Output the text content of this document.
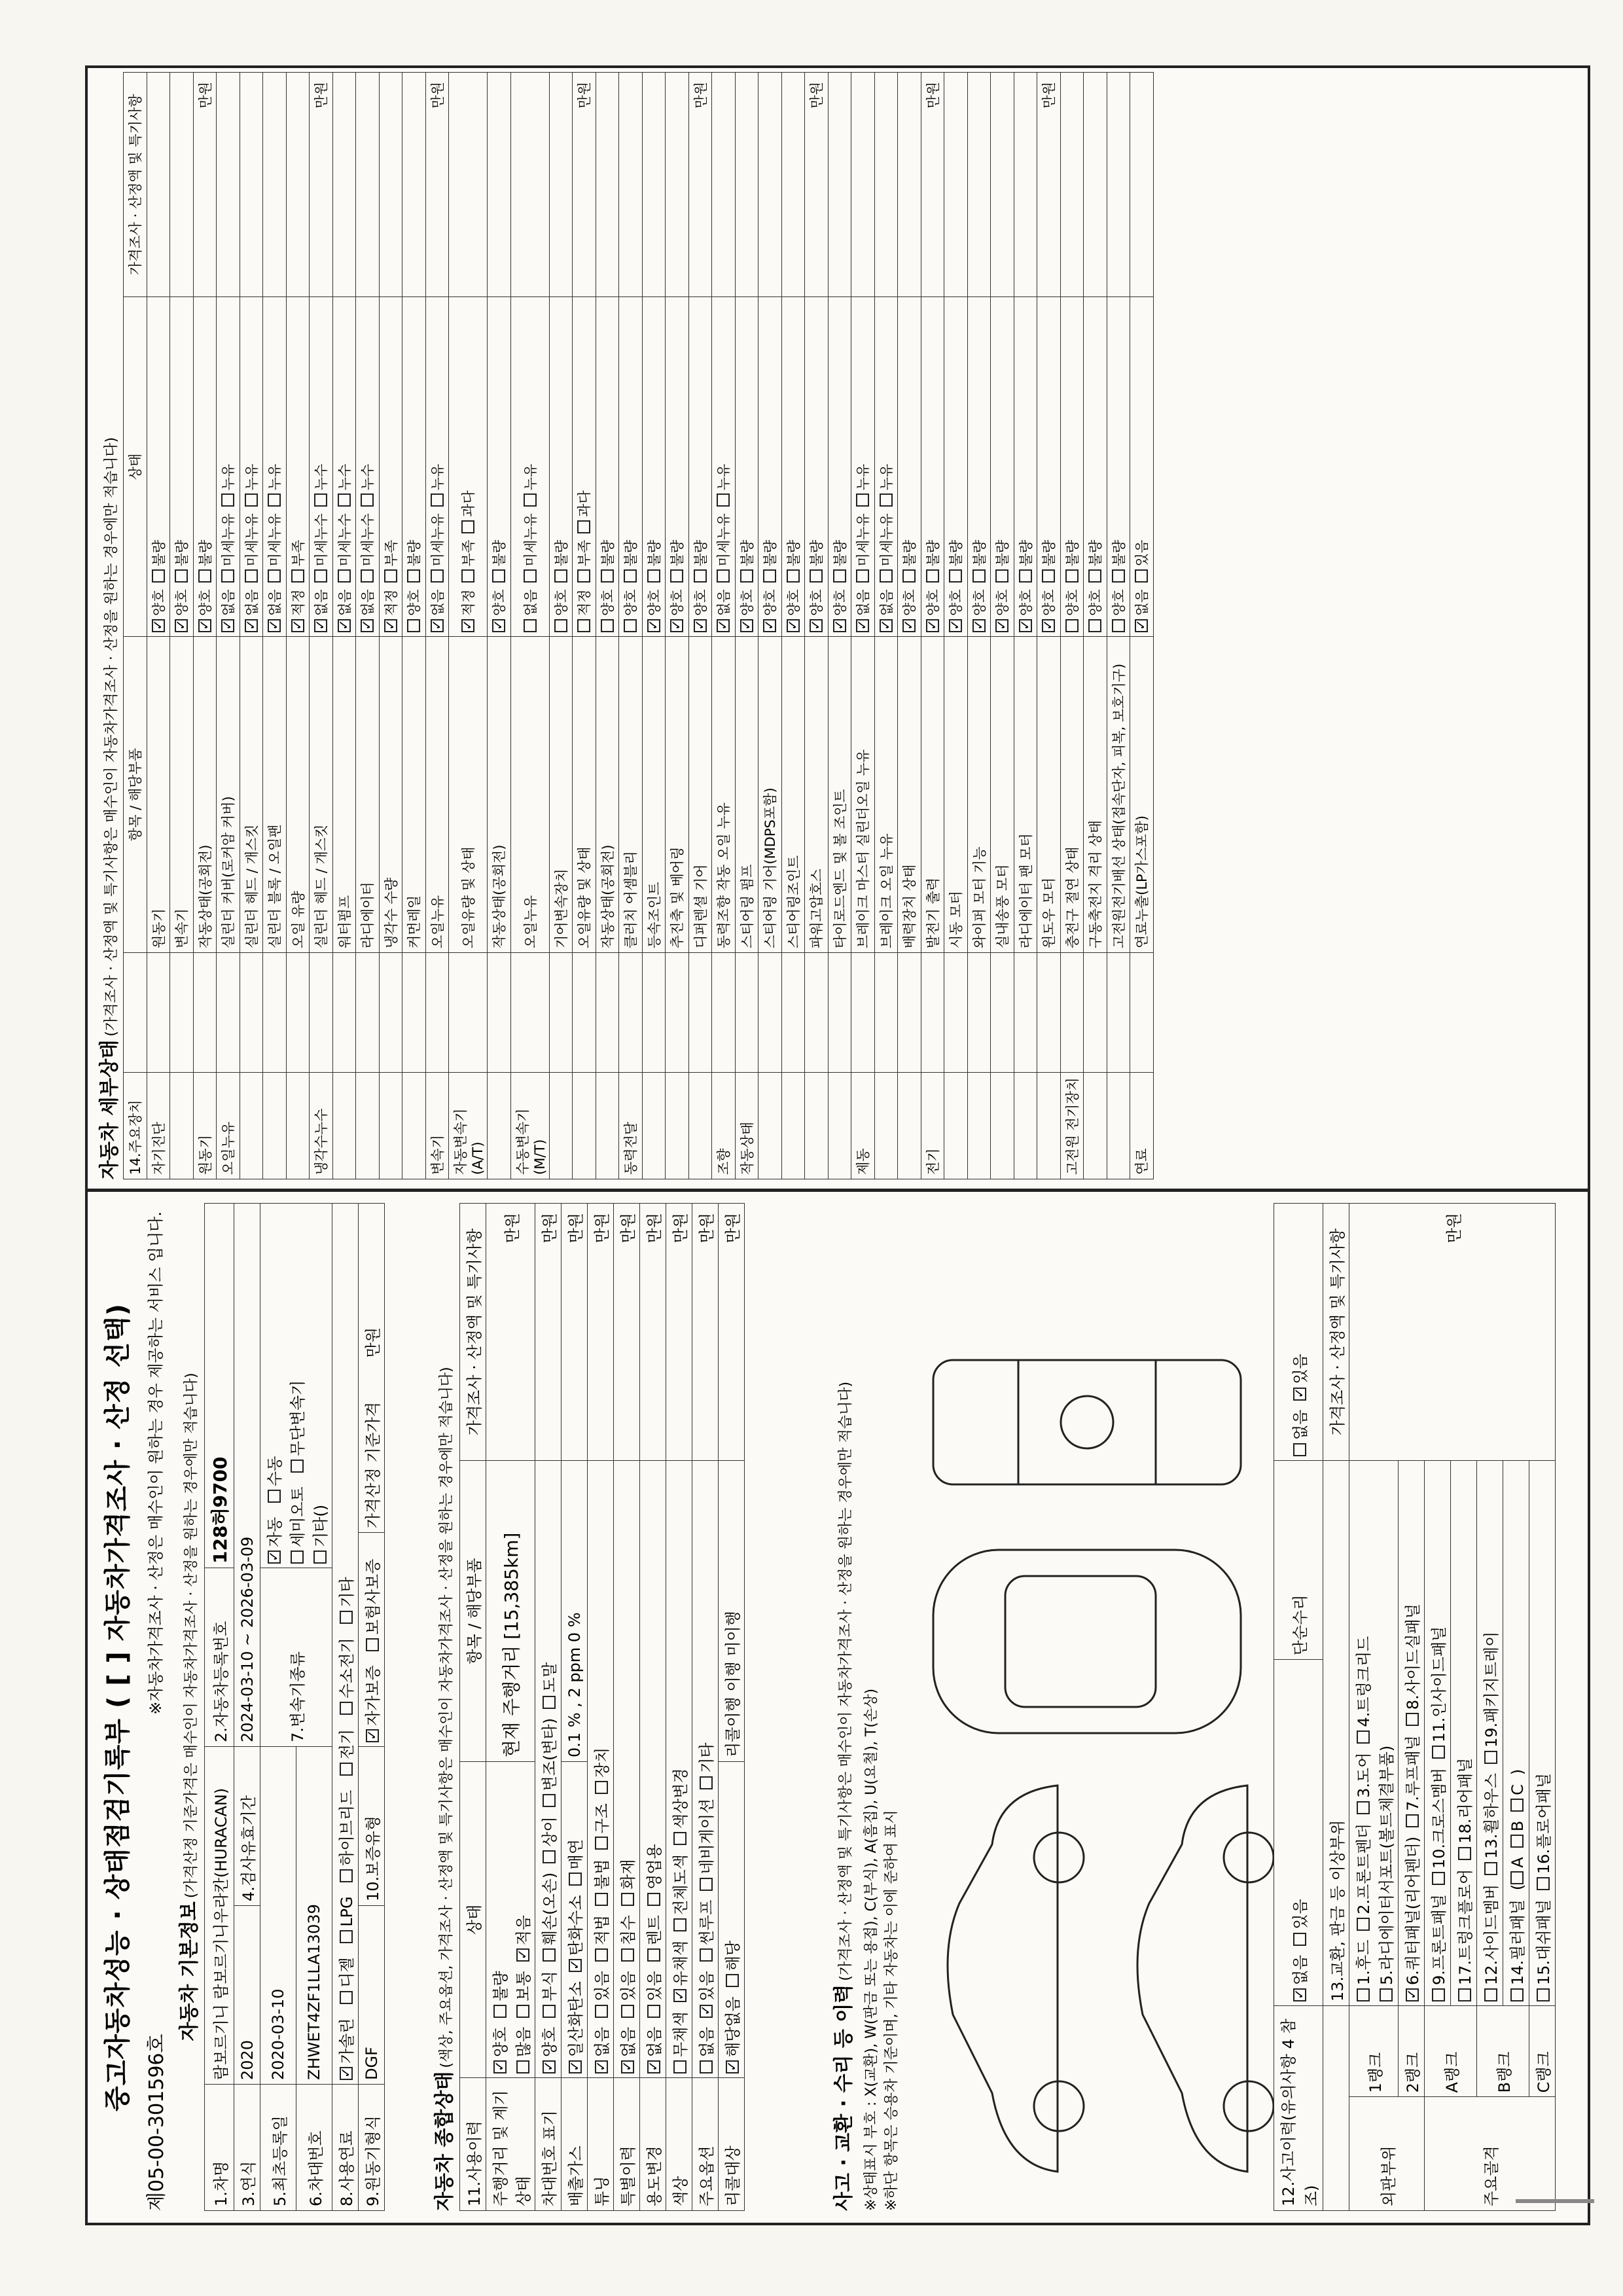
중고자동차성능 · 상태점검기록부 ( [ ] 자동차가격조사 · 산정 선택)
제05-00-301596호
※자동차가격조사 · 산정은 매수인이 원하는 경우 제공하는 서비스 입니다.
자동차 기본정보 (가격산정 기준가격은 매수인이 자동차가격조사 · 산정을 원하는 경우에만 적습니다)
1.차명	람보르기니 람보르기니우라칸(HURACAN)		2.자동차등록번호	128허9700	
3.연식	2020	4.검사유효기간	2024-03-10 ~ 2026-03-09		
5.최초등록일	2020-03-10		7.변속기종류	✓자동 수동
세미오토 무단변속기
기타()
6.차대번호	ZHWET4ZF1LLA13039				
8.사용연료	✓가솔린 디젤 LPG 하이브리드 전기 수소전기 기타
9.원동기형식	DGF	10.보증유형	✓자가보증 보험사보증		가격산정 기준가격 만원
자동차 종합상태 (색상, 주요옵션, 가격조사 · 산정액 및 특기사항은 매수인이 자동차가격조사 · 산정을 원하는 경우에만 적습니다)
11.사용이력	상태	항목 / 해당부품	가격조사 · 산정액 및 특기사항
주행거리 및 계기상태	✓양호불량
많음보통✓적음	현재 주행거리 [15,385km]	만원
차대번호 표기	✓양호부식훼손(오손)상이변조(변타)도말		만원
배출가스	✓일산화탄소✓탄화수소매연	0.1 % , 2 ppm 0 %	만원
튜닝	✓없음있음적법불법구조장치		만원
특별이력	✓없음있음침수화재		만원
용도변경	✓없음있음렌트영업용		만원
색상	무채색✓유채색전체도색색상변경		만원
주요옵션	없음✓있음썬루프네비게이션기타		만원
리콜대상	✓해당없음해당	리콜이행 이행 미이행	만원
사고 · 교환 · 수리 등 이력 (가격조사 · 산정액 및 특기사항은 매수인이 자동차가격조사 · 산정을 원하는 경우에만 적습니다) ※상태표시 부호 : X(교환), W(판금 또는 용접), C(부식), A(흠집), U(요철), T(손상) ※하단 항목은 승용차 기준이며, 기타 자동차는 이에 준하여 표시	12.사고이력(유의사항 4 참조)	✓없음있음	단순수리	없음✓있음
		13.교환, 판금 등 이상부위		가격조사 · 산정액 및 특기사항
외판부위	1랭크	1.후드2.프론트펜더3.도어4.트렁크리드
5.라디에이터서포트(볼트체결부품)		만원
	2랭크	✓6.쿼터패널(리어펜더)7.루프패널8.사이드실패널
주요골격	A랭크	9.프론트패널10.크로스멤버11.인사이드패널		
		17.트렁크플로어18.리어패널		
	B랭크	12.사이드멤버13.휠하우스19.패키지트레이		
		14.필러패널(ABC)		
	C랭크	15.대쉬패널16.플로어패널		
자동차 세부상태 (가격조사 · 산정액 및 특기사항은 매수인이 자동차가격조사 · 산정을 원하는 경우에만 적습니다)
14.주요장치		항목 / 해당부품	상태	가격조사 · 산정액 및 특기사항
자기진단		원동기	✓양호불량	
		변속기	✓양호불량	
원동기		작동상태(공회전)	✓양호불량	만원
오일누유		실린더 커버(로커암 커버)	✓없음미세누유누유	
		실린더 헤드 / 개스킷	✓없음미세누유누유	
		실린더 블록 / 오일팬	✓없음미세누유누유	
		오일 유량	✓적정부족	
냉각수누수		실린더 헤드 / 개스킷	✓없음미세누수누수	만원
		워터펌프	✓없음미세누수누수	
		라디에이터	✓없음미세누수누수	
		냉각수 수량	✓적정부족	
		커먼레일	양호불량	
변속기		오일누유	✓없음미세누유누유	만원
자동변속기(A/T)		오일유량 및 상태	✓적정부족과다	
		작동상태(공회전)	✓양호불량	
수동변속기(M/T)		오일누유	없음미세누유누유	
		기어변속장치	양호불량	
		오일유량 및 상태	적정부족과다	만원
		작동상태(공회전)	양호불량	
동력전달		클러치 어셈블리	양호불량	
		등속조인트	✓양호불량	
		추진축 및 베어링	✓양호불량	
		디퍼렌셜 기어	✓양호불량	만원
조향		동력조향 작동 오일 누유	✓없음미세누유누유	
작동상태		스티어링 펌프	✓양호불량	
		스티어링 기어(MDPS포함)	✓양호불량	
		스티어링조인트	✓양호불량	
		파워고압호스	✓양호불량	만원
		타이로드엔드 및 볼 조인트	✓양호불량	
제동		브레이크 마스터 실린더오일 누유	✓없음미세누유누유	
		브레이크 오일 누유	✓없음미세누유누유	
		배력장치 상태	✓양호불량	
전기		발전기 출력	✓양호불량	만원
		시동 모터	✓양호불량	
		와이퍼 모터 기능	✓양호불량	
		실내송풍 모터	✓양호불량	
		라디에이터 팬 모터	✓양호불량	
		윈도우 모터	✓양호불량	만원
고전원 전기장치		충전구 절연 상태	양호불량	
		구동축전지 격리 상태	양호불량	
		고전원전기배선 상태(접속단자, 피복, 보호기구)	양호불량	
연료		연료누출(LP가스포함)	✓없음있음	
